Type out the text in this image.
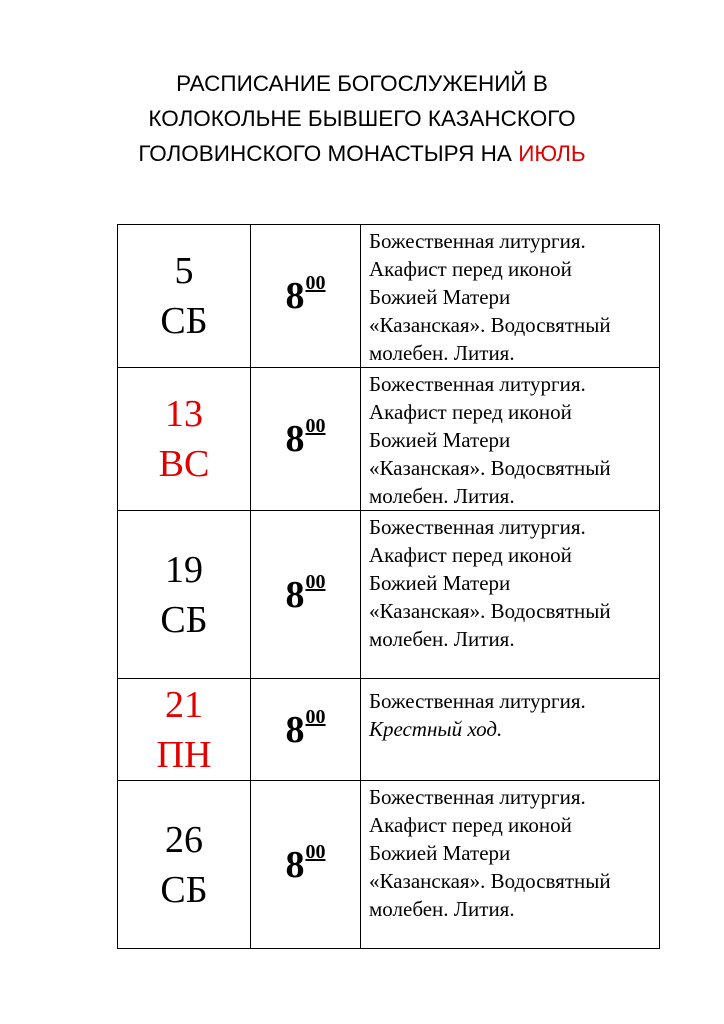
РАСПИСАНИЕ БОГОСЛУЖЕНИЙ В
КОЛОКОЛЬНЕ БЫВШЕГО КАЗАНСКОГО
ГОЛОВИНСКОГО МОНАСТЫРЯ НА ИЮЛЬ
5
СБ	$8^{00}$	Божественная литургия.
Акафист перед иконой
Божией Матери
«Казанская». Водосвятный
молебен. Лития.

13
ВС	$8^{00}$	Божественная литургия.
Акафист перед иконой
Божией Матери
«Казанская». Водосвятный
молебен. Лития.

19
СБ	$8^{00}$	Божественная литургия.
Акафист перед иконой
Божией Матери
«Казанская». Водосвятный
молебен. Лития.

21
ПН	$8^{00}$	Божественная литургия.
Крестный ход.

26
СБ	$8^{00}$	Божественная литургия.
Акафист перед иконой
Божией Матери
«Казанская». Водосвятный
молебен. Лития.
